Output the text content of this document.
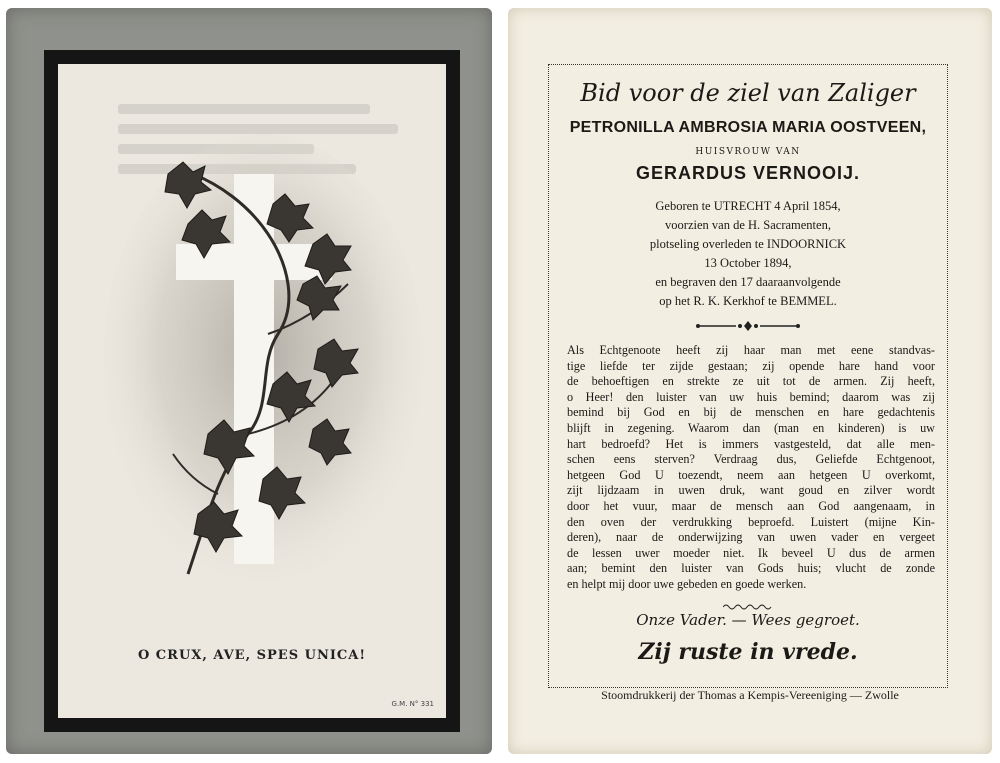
O CRUX, AVE, SPES UNICA!
G.M. N° 331
Bid voor de ziel van Zaliger
PETRONILLA AMBROSIA MARIA OOSTVEEN,
HUISVROUW VAN
GERARDUS VERNOOIJ.
Geboren te UTRECHT 4 April 1854,
voorzien van de H. Sacramenten,
plotseling overleden te INDOORNICK
13 October 1894,
en begraven den 17 daaraanvolgende
op het R. K. Kerkhof te BEMMEL.
Als Echtgenoote heeft zij haar man met eene standvas-
tige liefde ter zijde gestaan; zij opende hare hand voor
de behoeftigen en strekte ze uit tot de armen. Zij heeft,
o Heer! den luister van uw huis bemind; daarom was zij
bemind bij God en bij de menschen en hare gedachtenis
blijft in zegening. Waarom dan (man en kinderen) is uw
hart bedroefd? Het is immers vastgesteld, dat alle men-
schen eens sterven? Verdraag dus, Geliefde Echtgenoot,
hetgeen God U toezendt, neem aan hetgeen U overkomt,
zijt lijdzaam in uwen druk, want goud en zilver wordt
door het vuur, maar de mensch aan God aangenaam, in
den oven der verdrukking beproefd. Luistert (mijne Kin-
deren), naar de onderwijzing van uwen vader en vergeet
de lessen uwer moeder niet. Ik beveel U dus de armen
aan; bemint den luister van Gods huis; vlucht de zonde
en helpt mij door uwe gebeden en goede werken.
Onze Vader. — Wees gegroet.
Zij ruste in vrede.
Stoomdrukkerij der Thomas a Kempis-Vereeniging — Zwolle
